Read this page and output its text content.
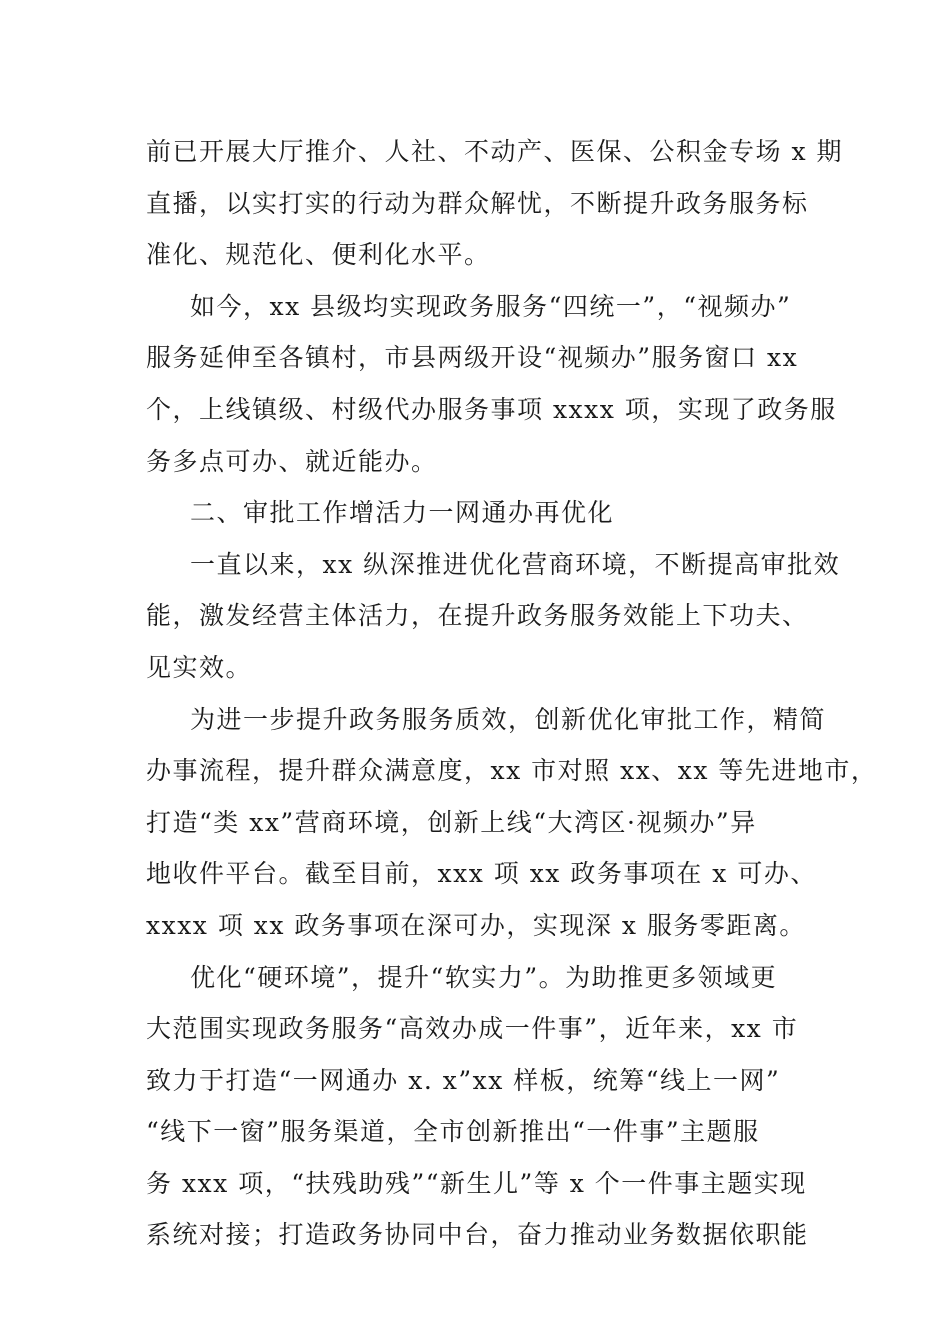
前已开展大厅推介、人社、不动产、医保、公积金专场 x 期
直播，以实打实的行动为群众解忧，不断提升政务服务标
准化、规范化、便利化水平。
如今，xx 县级均实现政务服务“四统一”，“视频办”
服务延伸至各镇村，市县两级开设“视频办”服务窗口 xx
个，上线镇级、村级代办服务事项 xxxx 项，实现了政务服
务多点可办、就近能办。
二、审批工作增活力一网通办再优化
一直以来，xx 纵深推进优化营商环境，不断提高审批效
能，激发经营主体活力，在提升政务服务效能上下功夫、
见实效。
为进一步提升政务服务质效，创新优化审批工作，精简
办事流程，提升群众满意度，xx 市对照 xx、xx 等先进地市，
打造“类 xx”营商环境，创新上线“大湾区·视频办”异
地收件平台。截至目前，xxx 项 xx 政务事项在 x 可办、
xxxx 项 xx 政务事项在深可办，实现深 x 服务零距离。
优化“硬环境”，提升“软实力”。为助推更多领域更
大范围实现政务服务“高效办成一件事”，近年来，xx 市
致力于打造“一网通办 x. x”xx 样板，统筹“线上一网”
“线下一窗”服务渠道，全市创新推出“一件事”主题服
务 xxx 项，“扶残助残”“新生儿”等 x 个一件事主题实现
系统对接；打造政务协同中台，奋力推动业务数据依职能
